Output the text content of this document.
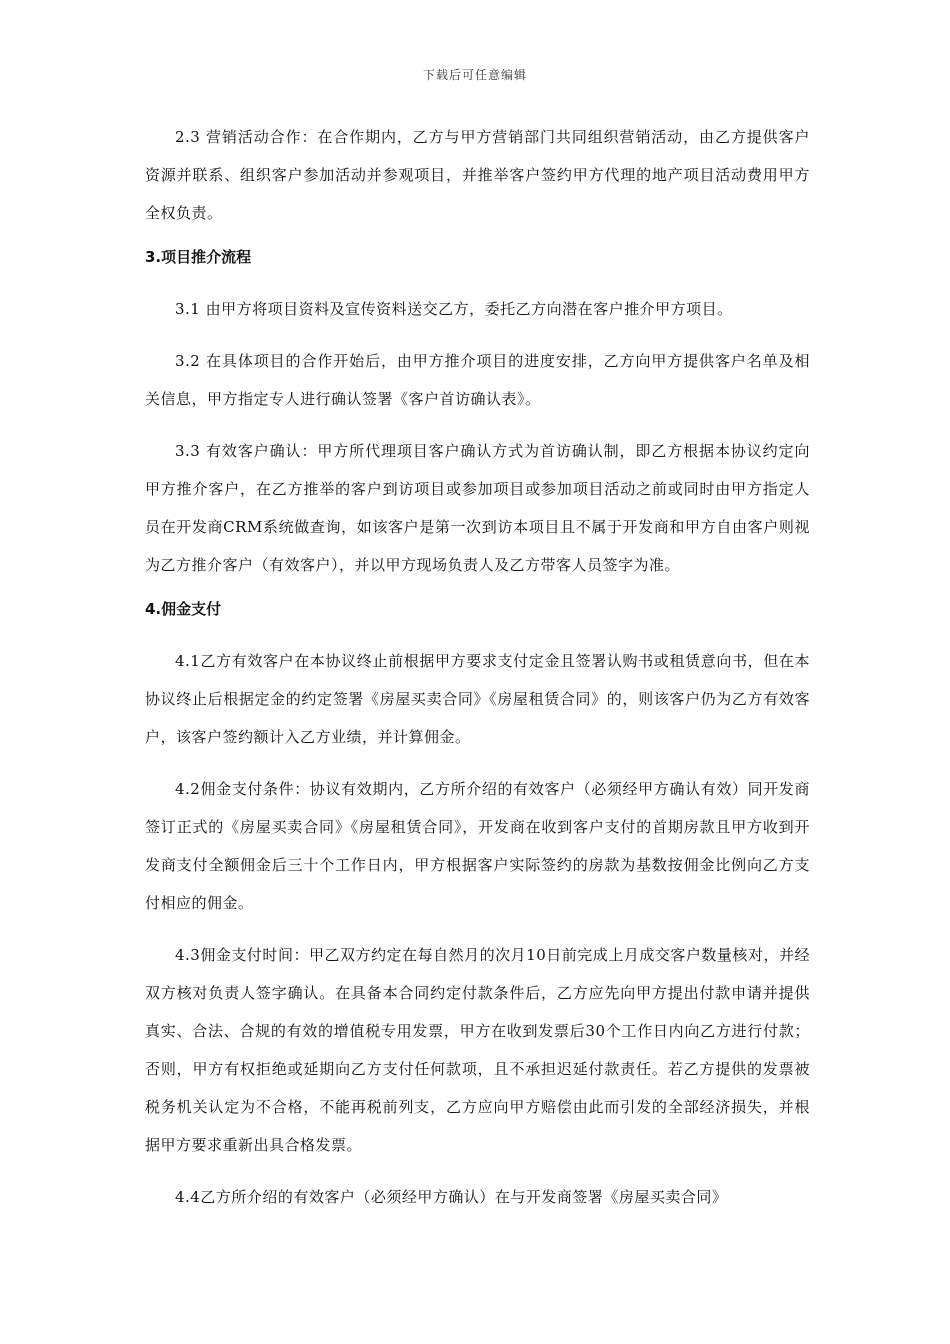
下载后可任意编辑

2.3 营销活动合作：在合作期内，乙方与甲方营销部门共同组织营销活动，由乙方提供客户资源并联系、组织客户参加活动并参观项目，并推举客户签约甲方代理的地产项目活动费用甲方全权负责。

3.项目推介流程

3.1 由甲方将项目资料及宣传资料送交乙方，委托乙方向潜在客户推介甲方项目。

3.2 在具体项目的合作开始后，由甲方推介项目的进度安排，乙方向甲方提供客户名单及相关信息，甲方指定专人进行确认签署《客户首访确认表》。

3.3 有效客户确认：甲方所代理项目客户确认方式为首访确认制，即乙方根据本协议约定向甲方推介客户，在乙方推举的客户到访项目或参加项目或参加项目活动之前或同时由甲方指定人员在开发商CRM系统做查询，如该客户是第一次到访本项目且不属于开发商和甲方自由客户则视为乙方推介客户（有效客户），并以甲方现场负责人及乙方带客人员签字为准。

4.佣金支付

4.1乙方有效客户在本协议终止前根据甲方要求支付定金且签署认购书或租赁意向书，但在本协议终止后根据定金的约定签署《房屋买卖合同》《房屋租赁合同》的，则该客户仍为乙方有效客户，该客户签约额计入乙方业绩，并计算佣金。

4.2佣金支付条件：协议有效期内，乙方所介绍的有效客户（必须经甲方确认有效）同开发商签订正式的《房屋买卖合同》《房屋租赁合同》，开发商在收到客户支付的首期房款且甲方收到开发商支付全额佣金后三十个工作日内，甲方根据客户实际签约的房款为基数按佣金比例向乙方支付相应的佣金。

4.3佣金支付时间：甲乙双方约定在每自然月的次月10日前完成上月成交客户数量核对，并经双方核对负责人签字确认。在具备本合同约定付款条件后，乙方应先向甲方提出付款申请并提供真实、合法、合规的有效的增值税专用发票，甲方在收到发票后30个工作日内向乙方进行付款；否则，甲方有权拒绝或延期向乙方支付任何款项，且不承担迟延付款责任。若乙方提供的发票被税务机关认定为不合格，不能再税前列支，乙方应向甲方赔偿由此而引发的全部经济损失，并根据甲方要求重新出具合格发票。

4.4乙方所介绍的有效客户（必须经甲方确认）在与开发商签署《房屋买卖合同》
